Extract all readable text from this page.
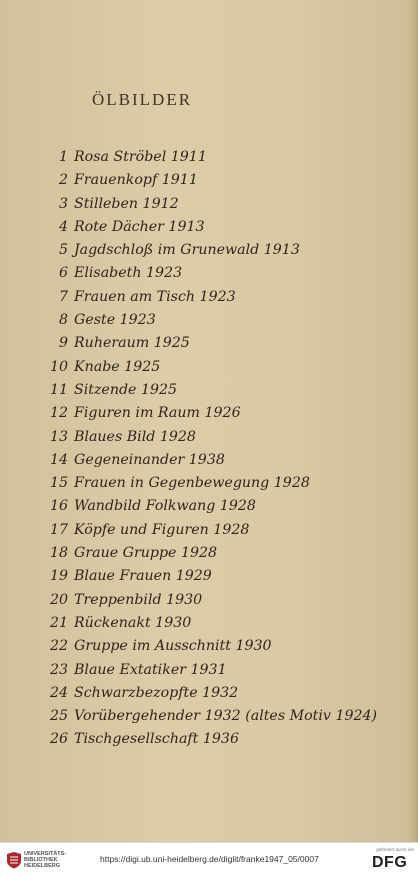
ÖLBILDER
1 Rosa Ströbel 1911
2 Frauenkopf 1911
3 Stilleben 1912
4 Rote Dächer 1913
5 Jagdschloß im Grunewald 1913
6 Elisabeth 1923
7 Frauen am Tisch 1923
8 Geste 1923
9 Ruheraum 1925
10 Knabe 1925
11 Sitzende 1925
12 Figuren im Raum 1926
13 Blaues Bild 1928
14 Gegeneinander 1938
15 Frauen in Gegenbewegung 1928
16 Wandbild Folkwang 1928
17 Köpfe und Figuren 1928
18 Graue Gruppe 1928
19 Blaue Frauen 1929
20 Treppenbild 1930
21 Rückenakt 1930
22 Gruppe im Ausschnitt 1930
23 Blaue Extatiker 1931
24 Schwarzbezopfte 1932
25 Vorübergehender 1932 (altes Motiv 1924)
26 Tischgesellschaft 1936
UNIVERSITÄTS-
BIBLIOTHEK
HEIDELBERG
https://digi.ub.uni-heidelberg.de/diglit/franke1947_05/0007
gefördert durch die
DFG
